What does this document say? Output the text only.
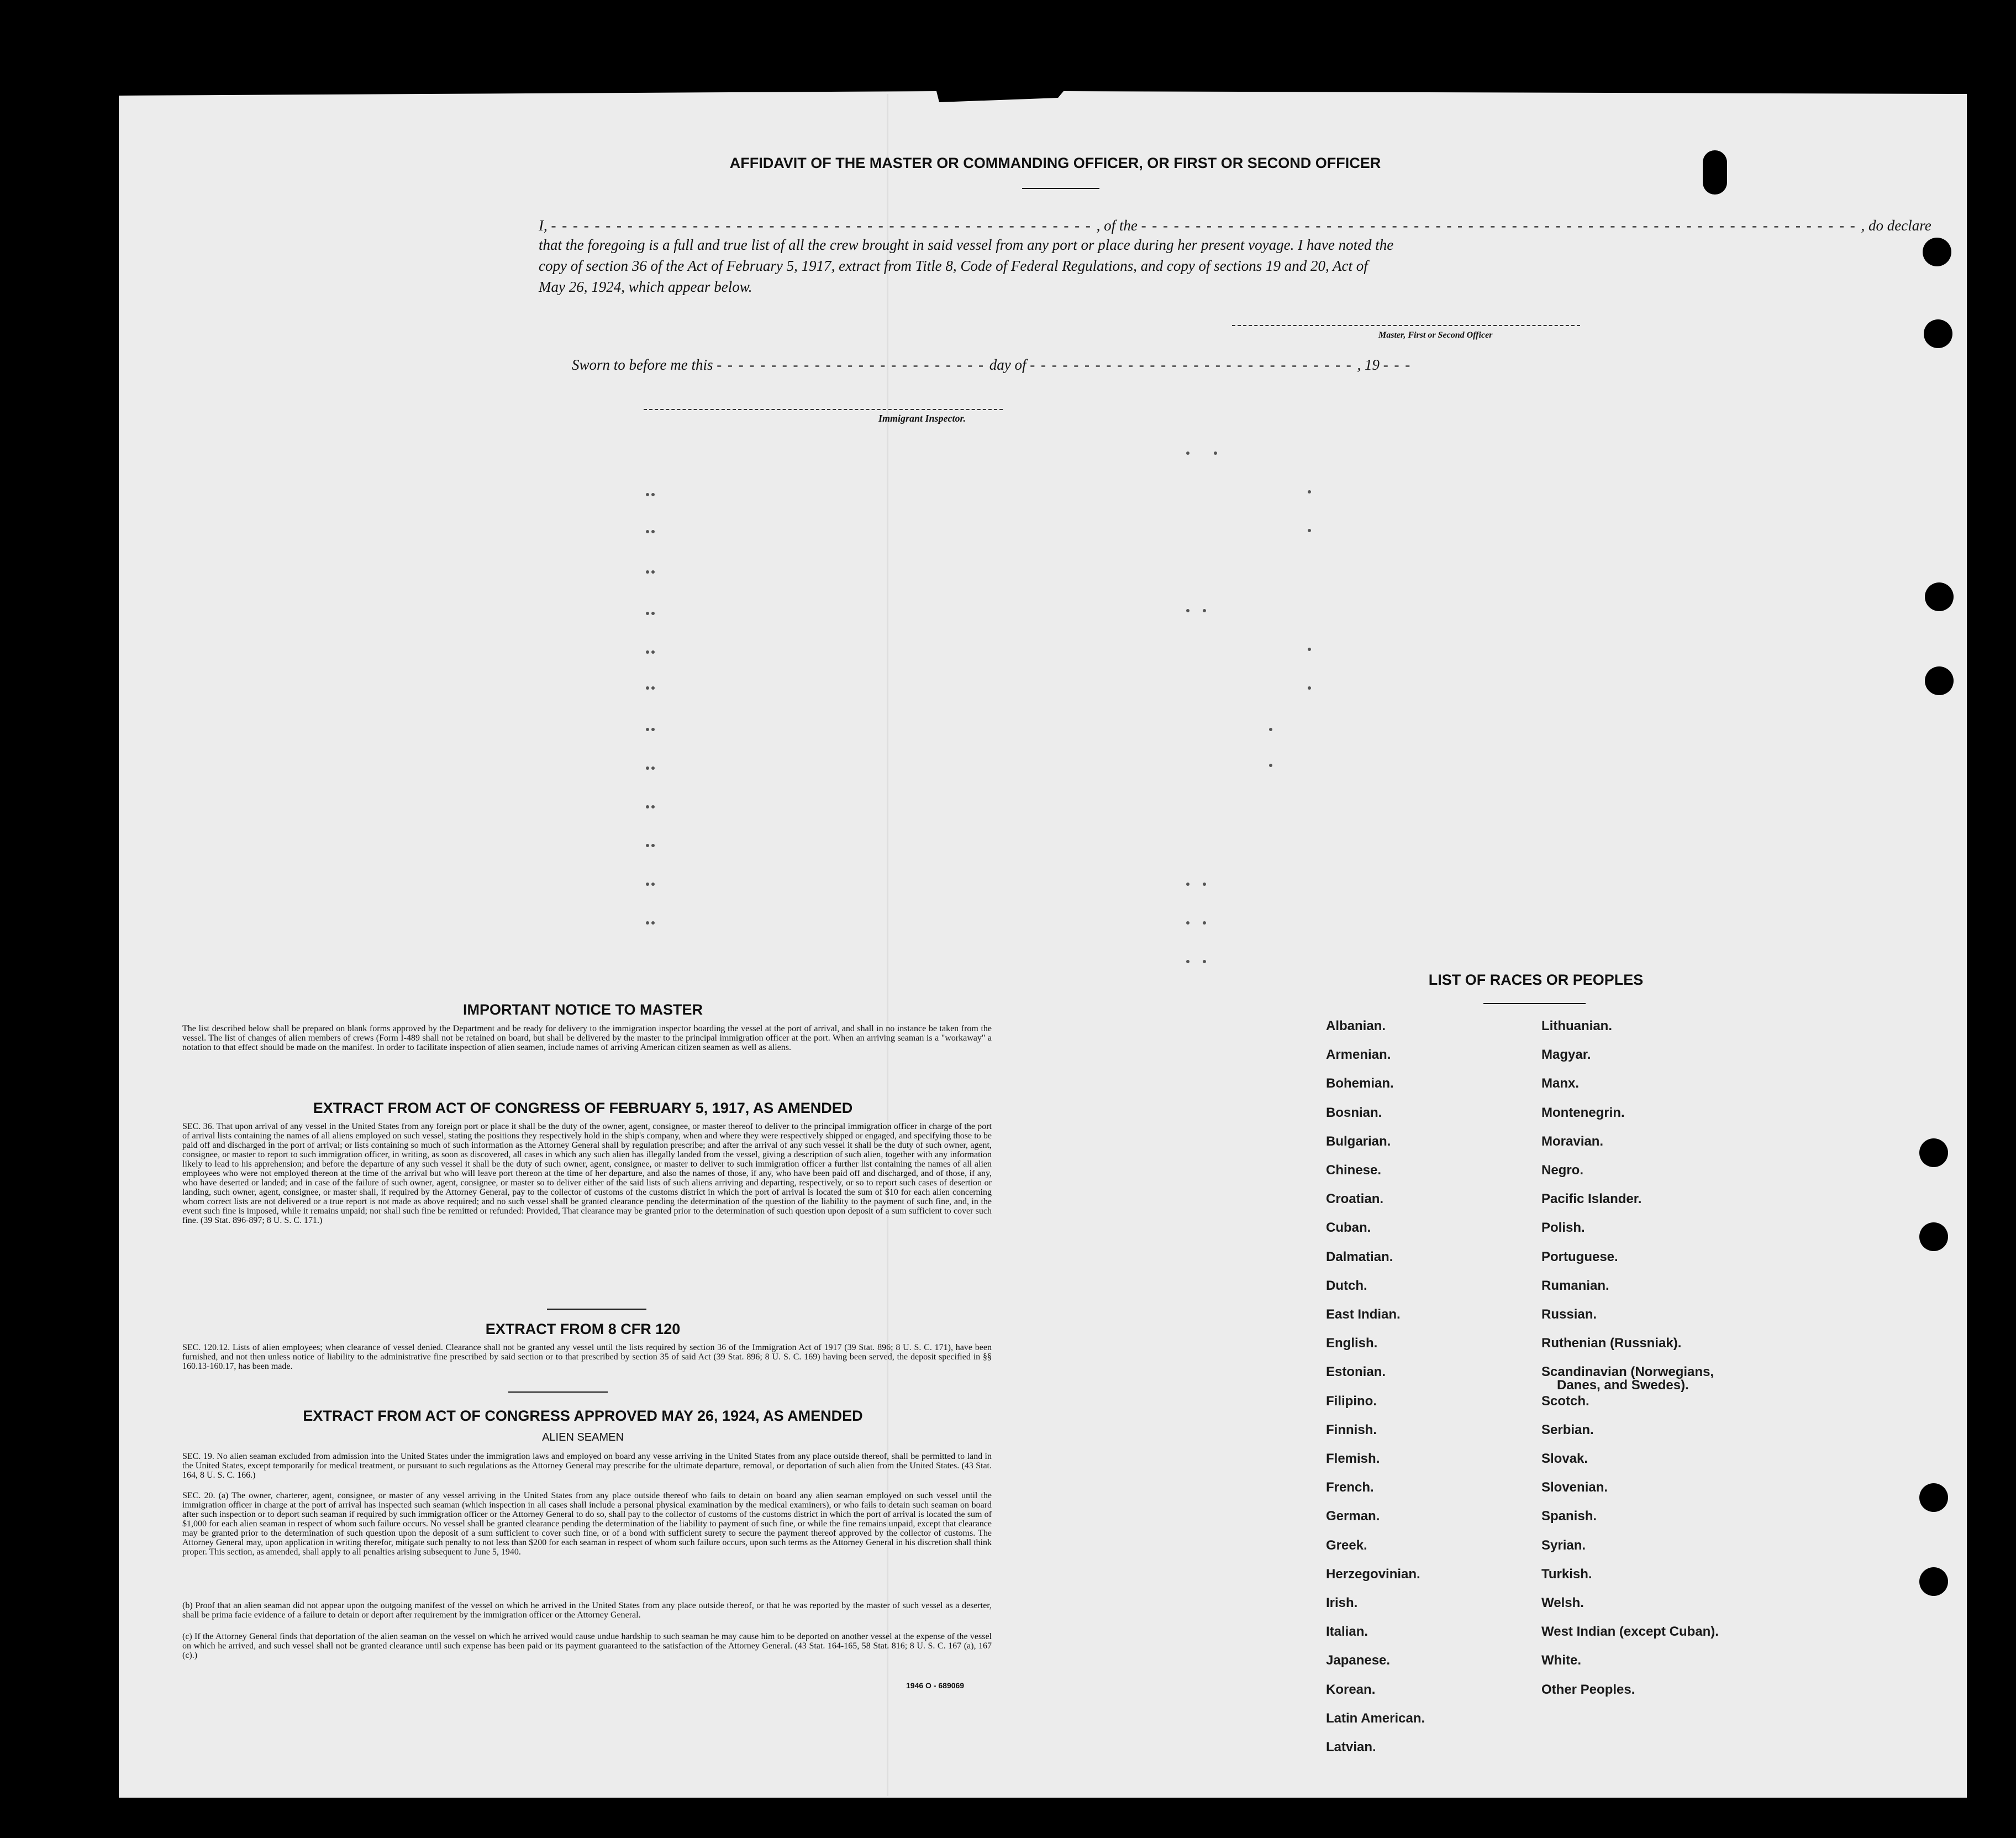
AFFIDAVIT OF THE MASTER OR COMMANDING OFFICER, OR FIRST OR SECOND OFFICER
I, - - - - - - - - - - - - - - - - - - - - - - - - - - - - - - - - - - - - - - - - - - - - - - - - - - , of the - - - - - - - - - - - - - - - - - - - - - - - - - - - - - - - - - - - - - - - - - - - - - - - - - - - - - - - - - - - - - - - - - - , do declare
that the foregoing is a full and true list of all the crew brought in said vessel from any port or place during her present voyage. I have noted the
copy of section 36 of the Act of February 5, 1917, extract from Title 8, Code of Federal Regulations, and copy of sections 19 and 20, Act of
May 26, 1924, which appear below.
Master, First or Second Officer
Sworn to before me this - - - - - - - - - - - - - - - - - - - - - - - - - day of - - - - - - - - - - - - - - - - - - - - - - - - - - - - - - , 19 - - -
Immigrant Inspector.
IMPORTANT NOTICE TO MASTER
The list described below shall be prepared on blank forms approved by the Department and be ready for delivery to the immigration inspector boarding the vessel at the port of arrival, and shall in no instance be taken from the vessel. The list of changes of alien members of crews (Form I-489 shall not be retained on board, but shall be delivered by the master to the principal immigration officer at the port. When an arriving seaman is a "workaway" a notation to that effect should be made on the manifest. In order to facilitate inspection of alien seamen, include names of arriving American citizen seamen as well as aliens.
EXTRACT FROM ACT OF CONGRESS OF FEBRUARY 5, 1917, AS AMENDED
SEC. 36. That upon arrival of any vessel in the United States from any foreign port or place it shall be the duty of the owner, agent, consignee, or master thereof to deliver to the principal immigration officer in charge of the port of arrival lists containing the names of all aliens employed on such vessel, stating the positions they respectively hold in the ship's company, when and where they were respectively shipped or engaged, and specifying those to be paid off and discharged in the port of arrival; or lists containing so much of such information as the Attorney General shall by regulation prescribe; and after the arrival of any such vessel it shall be the duty of such owner, agent, consignee, or master to report to such immigration officer, in writing, as soon as discovered, all cases in which any such alien has illegally landed from the vessel, giving a description of such alien, together with any information likely to lead to his apprehension; and before the departure of any such vessel it shall be the duty of such owner, agent, consignee, or master to deliver to such immigration officer a further list containing the names of all alien employees who were not employed thereon at the time of the arrival but who will leave port thereon at the time of her departure, and also the names of those, if any, who have been paid off and discharged, and of those, if any, who have deserted or landed; and in case of the failure of such owner, agent, consignee, or master so to deliver either of the said lists of such aliens arriving and departing, respectively, or so to report such cases of desertion or landing, such owner, agent, consignee, or master shall, if required by the Attorney General, pay to the collector of customs of the customs district in which the port of arrival is located the sum of $10 for each alien concerning whom correct lists are not delivered or a true report is not made as above required; and no such vessel shall be granted clearance pending the determination of the question of the liability to the payment of such fine, and, in the event such fine is imposed, while it remains unpaid; nor shall such fine be remitted or refunded: Provided, That clearance may be granted prior to the determination of such question upon deposit of a sum sufficient to cover such fine. (39 Stat. 896-897; 8 U. S. C. 171.)
EXTRACT FROM 8 CFR 120
SEC. 120.12. Lists of alien employees; when clearance of vessel denied. Clearance shall not be granted any vessel until the lists required by section 36 of the Immigration Act of 1917 (39 Stat. 896; 8 U. S. C. 171), have been furnished, and not then unless notice of liability to the administrative fine prescribed by said section or to that prescribed by section 35 of said Act (39 Stat. 896; 8 U. S. C. 169) having been served, the deposit specified in §§ 160.13-160.17, has been made.
EXTRACT FROM ACT OF CONGRESS APPROVED MAY 26, 1924, AS AMENDED
ALIEN SEAMEN
SEC. 19. No alien seaman excluded from admission into the United States under the immigration laws and employed on board any vesse arriving in the United States from any place outside thereof, shall be permitted to land in the United States, except temporarily for medical treatment, or pursuant to such regulations as the Attorney General may prescribe for the ultimate departure, removal, or deportation of such alien from the United States. (43 Stat. 164, 8 U. S. C. 166.)
SEC. 20. (a) The owner, charterer, agent, consignee, or master of any vessel arriving in the United States from any place outside thereof who fails to detain on board any alien seaman employed on such vessel until the immigration officer in charge at the port of arrival has inspected such seaman (which inspection in all cases shall include a personal physical examination by the medical examiners), or who fails to detain such seaman on board after such inspection or to deport such seaman if required by such immigration officer or the Attorney General to do so, shall pay to the collector of customs of the customs district in which the port of arrival is located the sum of $1,000 for each alien seaman in respect of whom such failure occurs. No vessel shall be granted clearance pending the determination of the liability to payment of such fine, or while the fine remains unpaid, except that clearance may be granted prior to the determination of such question upon the deposit of a sum sufficient to cover such fine, or of a bond with sufficient surety to secure the payment thereof approved by the collector of customs. The Attorney General may, upon application in writing therefor, mitigate such penalty to not less than $200 for each seaman in respect of whom such failure occurs, upon such terms as the Attorney General in his discretion shall think proper. This section, as amended, shall apply to all penalties arising subsequent to June 5, 1940.
(b) Proof that an alien seaman did not appear upon the outgoing manifest of the vessel on which he arrived in the United States from any place outside thereof, or that he was reported by the master of such vessel as a deserter, shall be prima facie evidence of a failure to detain or deport after requirement by the immigration officer or the Attorney General.
(c) If the Attorney General finds that deportation of the alien seaman on the vessel on which he arrived would cause undue hardship to such seaman he may cause him to be deported on another vessel at the expense of the vessel on which he arrived, and such vessel shall not be granted clearance until such expense has been paid or its payment guaranteed to the satisfaction of the Attorney General. (43 Stat. 164-165, 58 Stat. 816; 8 U. S. C. 167 (a), 167 (c).)
1946 O - 689069
LIST OF RACES OR PEOPLES
Albanian.
Armenian.
Bohemian.
Bosnian.
Bulgarian.
Chinese.
Croatian.
Cuban.
Dalmatian.
Dutch.
East Indian.
English.
Estonian.
Filipino.
Finnish.
Flemish.
French.
German.
Greek.
Herzegovinian.
Irish.
Italian.
Japanese.
Korean.
Latin American.
Latvian.
Lithuanian.
Magyar.
Manx.
Montenegrin.
Moravian.
Negro.
Pacific Islander.
Polish.
Portuguese.
Rumanian.
Russian.
Ruthenian (Russniak).
Scandinavian (Norwegians,
Danes, and Swedes).
Scotch.
Serbian.
Slovak.
Slovenian.
Spanish.
Syrian.
Turkish.
Welsh.
West Indian (except Cuban).
White.
Other Peoples.
